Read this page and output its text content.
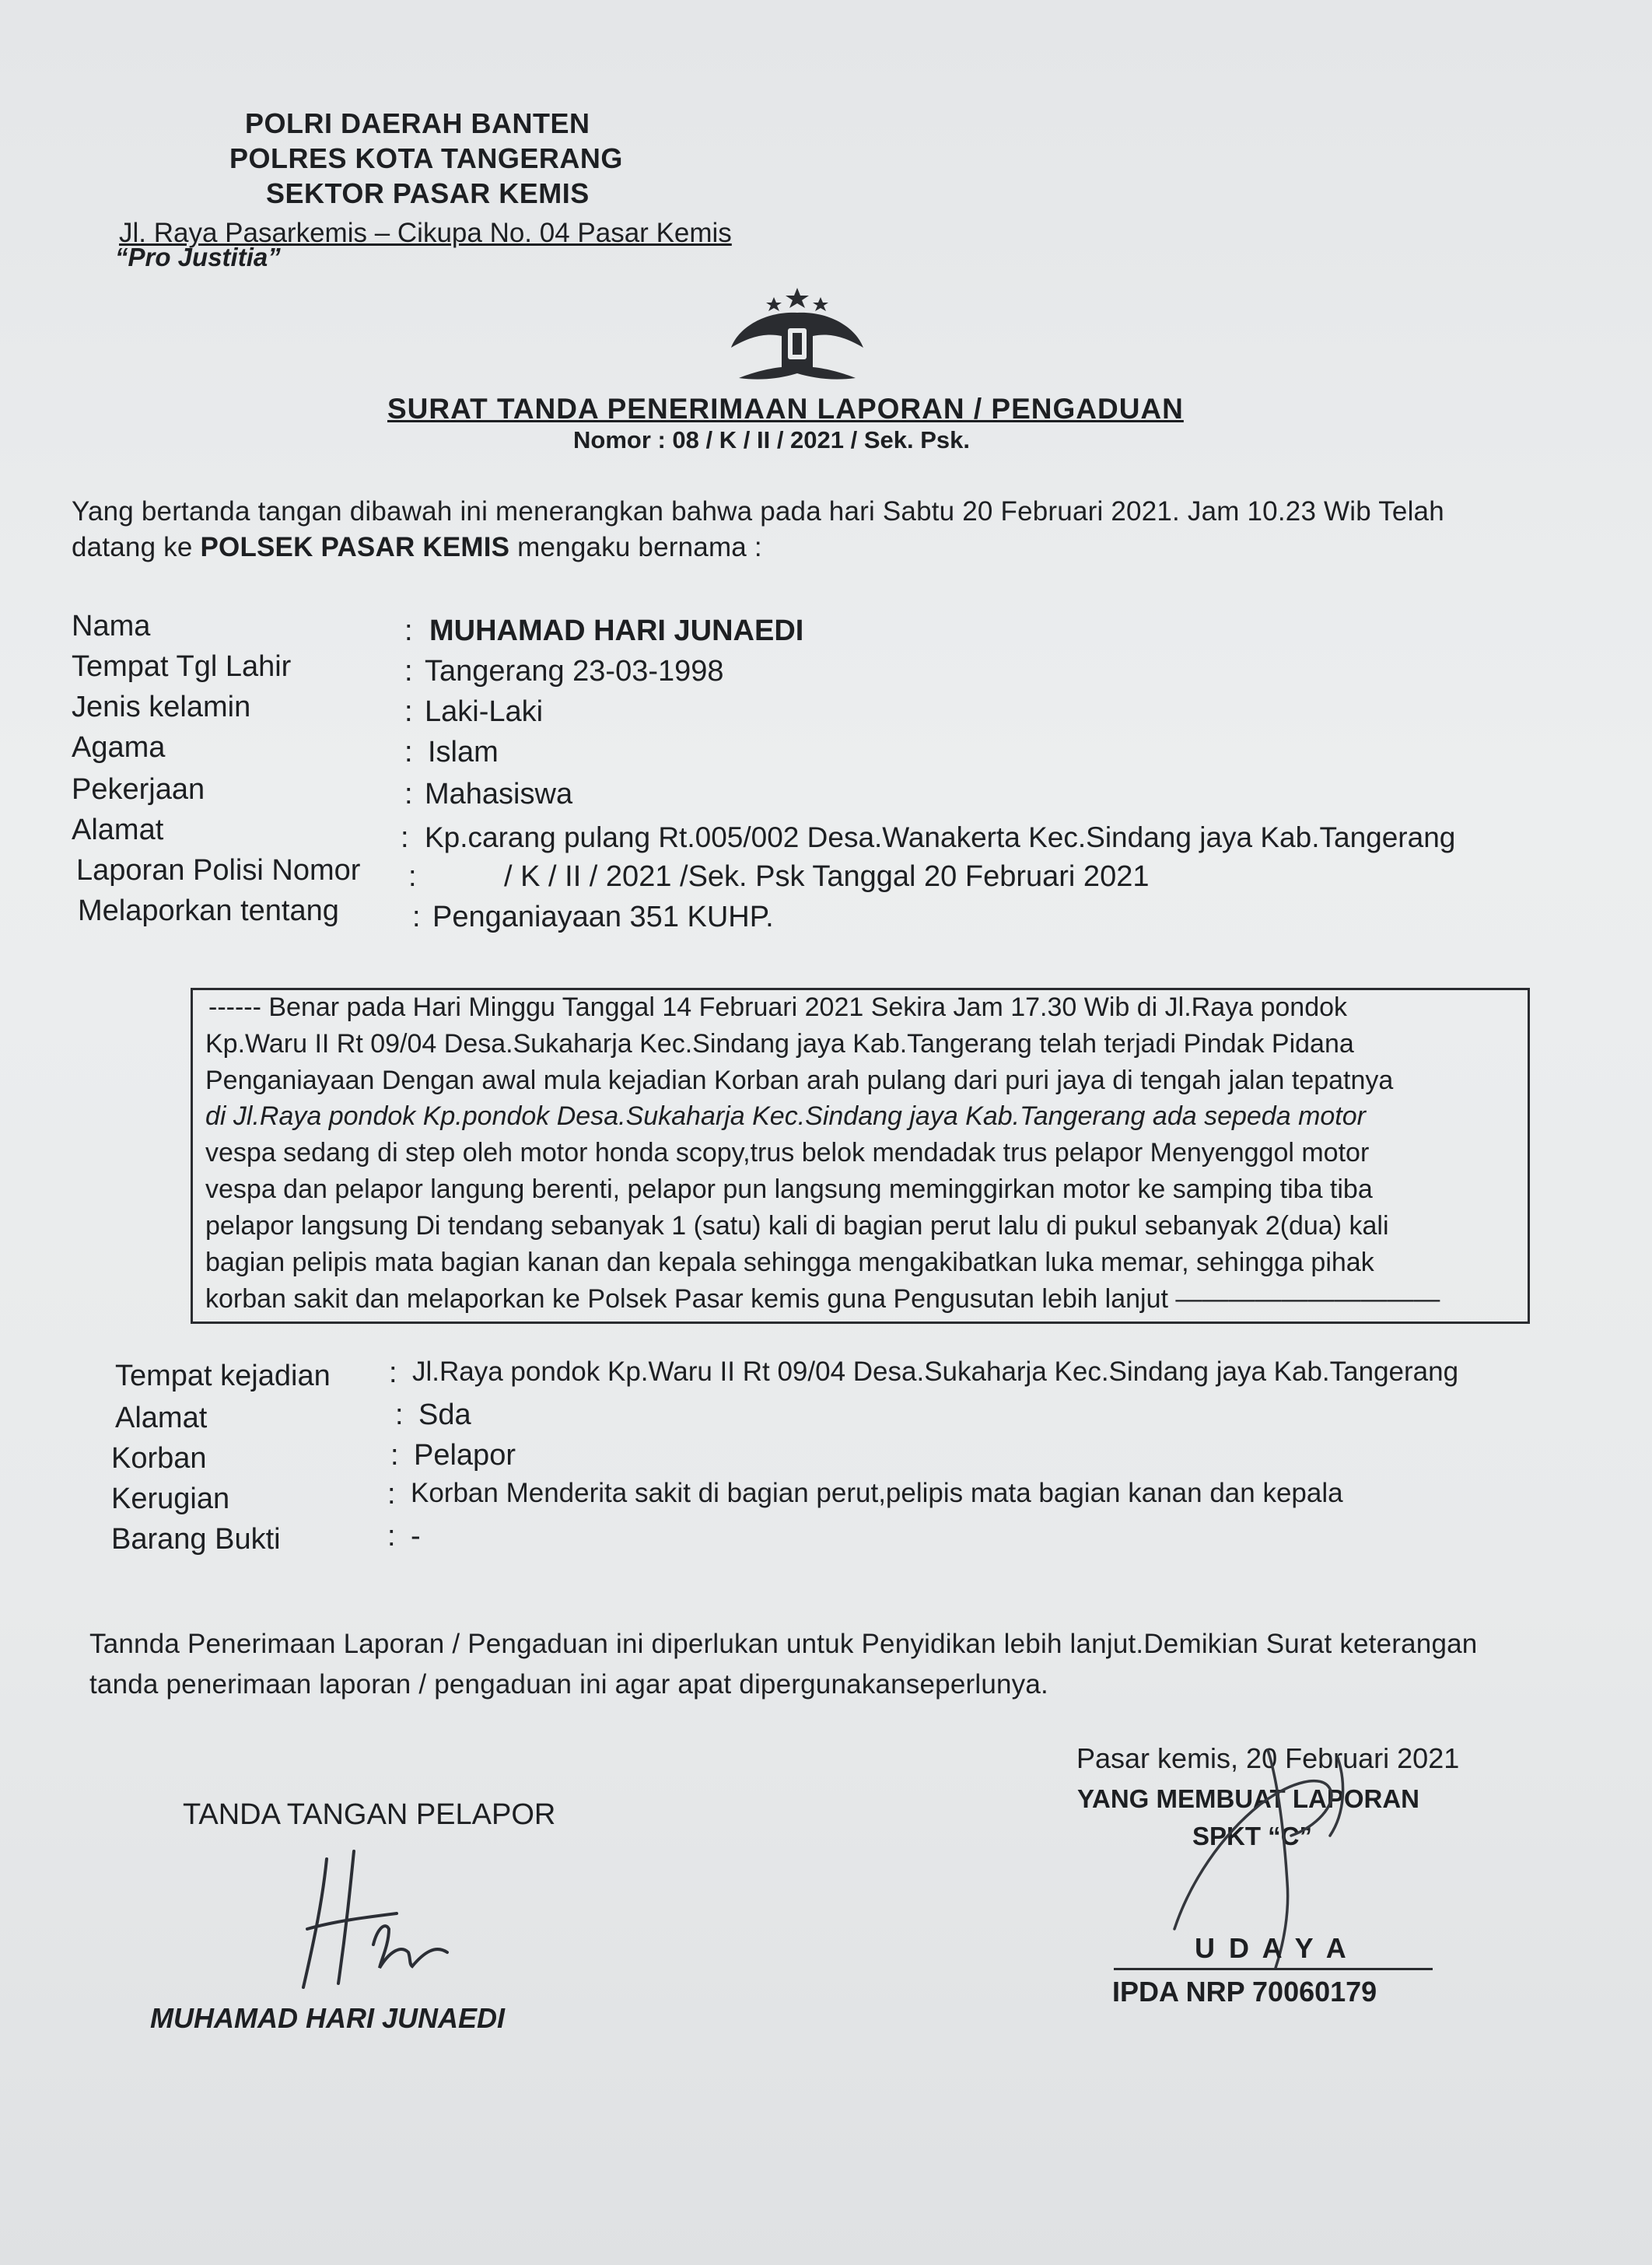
POLRI DAERAH BANTEN
POLRES KOTA TANGERANG
SEKTOR PASAR KEMIS
Jl. Raya Pasarkemis – Cikupa No. 04 Pasar Kemis
“Pro Justitia”
SURAT TANDA PENERIMAAN LAPORAN / PENGADUAN
Nomor : 08 / K / II / 2021 / Sek. Psk.
Yang bertanda tangan dibawah ini menerangkan bahwa pada hari Sabtu 20 Februari 2021. Jam 10.23 Wib Telah
datang ke POLSEK PASAR KEMIS mengaku bernama :
Nama	: MUHAMAD HARI JUNAEDI
Tempat Tgl Lahir	: Tangerang 23-03-1998
Jenis kelamin	: Laki-Laki
Agama	: Islam
Pekerjaan	: Mahasiswa
Alamat	: Kp.carang pulang Rt.005/002 Desa.Wanakerta Kec.Sindang jaya Kab.Tangerang
Laporan Polisi Nomor :	/ K / II / 2021 /Sek. Psk Tanggal 20 Februari 2021
Melaporkan tentang : Penganiayaan 351 KUHP.
------ Benar pada Hari Minggu Tanggal 14 Februari 2021 Sekira Jam 17.30 Wib di Jl.Raya pondok
Kp.Waru II Rt 09/04 Desa.Sukaharja Kec.Sindang jaya Kab.Tangerang telah terjadi Pindak Pidana
Penganiayaan Dengan awal mula kejadian Korban arah pulang dari puri jaya di tengah jalan tepatnya
di Jl.Raya pondok Kp.pondok Desa.Sukaharja Kec.Sindang jaya Kab.Tangerang ada sepeda motor
vespa sedang di step oleh motor honda scopy,trus belok mendadak trus pelapor Menyenggol motor
vespa dan pelapor langung berenti, pelapor pun langsung meminggirkan motor ke samping tiba tiba
pelapor langsung Di tendang sebanyak 1 (satu) kali di bagian perut lalu di pukul sebanyak 2(dua) kali
bagian pelipis mata bagian kanan dan kepala sehingga mengakibatkan luka memar, sehingga pihak
korban sakit dan melaporkan ke Polsek Pasar kemis guna Pengusutan lebih lanjut ——————————
Tempat kejadian : Jl.Raya pondok Kp.Waru II Rt 09/04 Desa.Sukaharja Kec.Sindang jaya Kab.Tangerang
Alamat	: Sda
Korban	: Pelapor
Kerugian	: Korban Menderita sakit di bagian perut,pelipis mata bagian kanan dan kepala
Barang Bukti	: -
Tannda Penerimaan Laporan / Pengaduan ini diperlukan untuk Penyidikan lebih lanjut.Demikian Surat keterangan
tanda penerimaan laporan / pengaduan ini agar apat dipergunakanseperlunya.
TANDA TANGAN PELAPOR
MUHAMAD HARI JUNAEDI
Pasar kemis, 20 Februari 2021
YANG MEMBUAT LAPORAN
SPKT “C”
U D A Y A
IPDA NRP 70060179
